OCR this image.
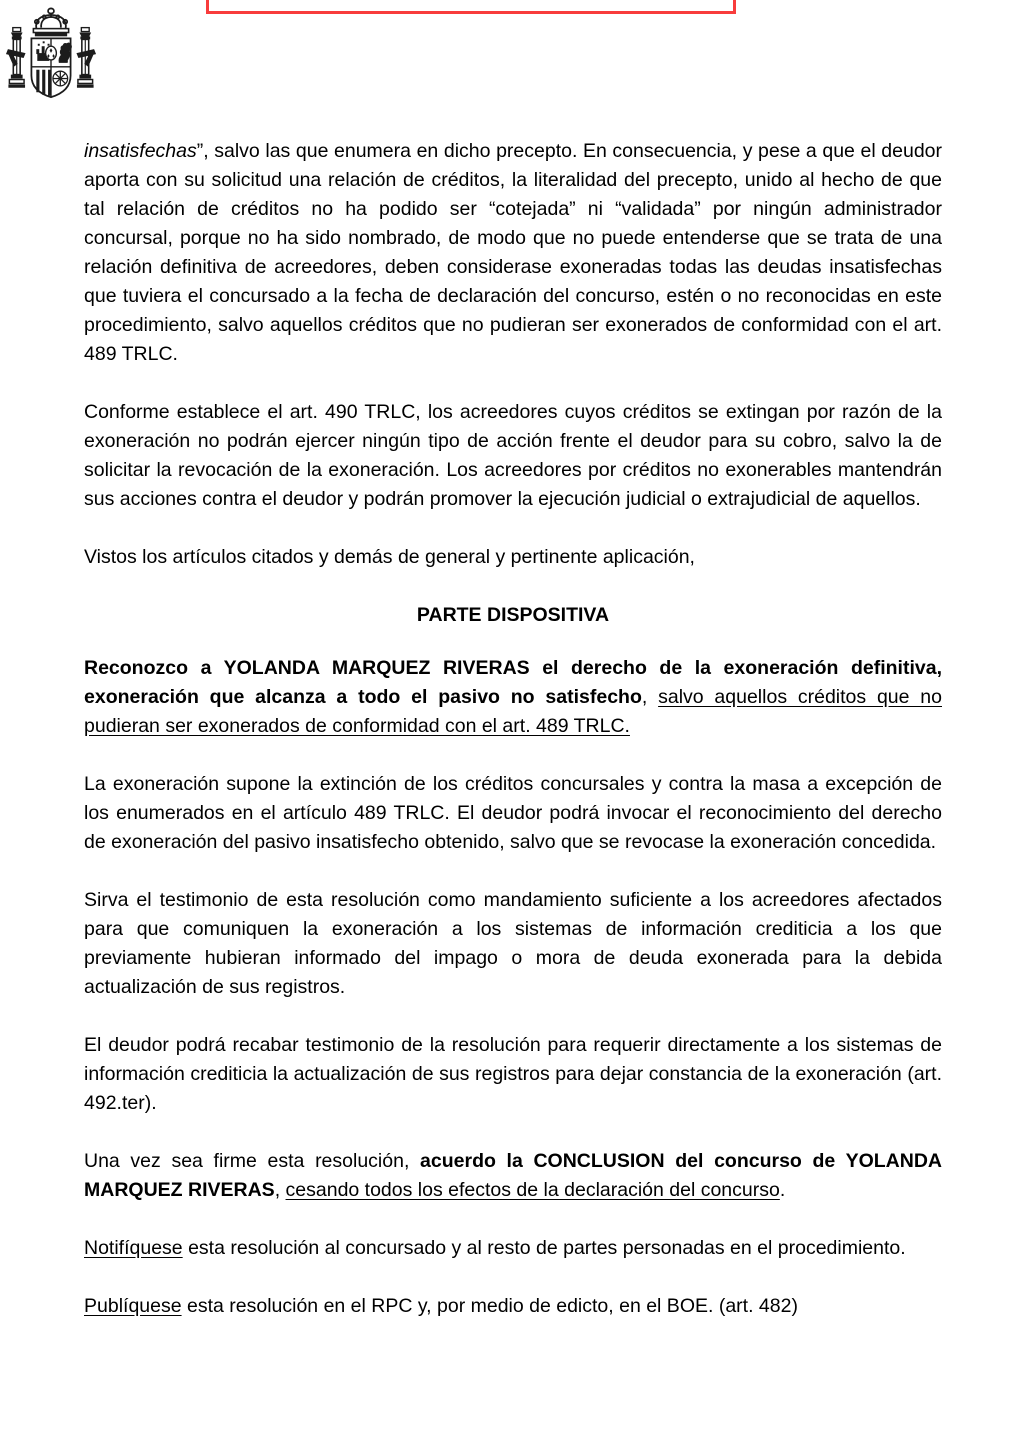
insatisfechas”, salvo las que enumera en dicho precepto. En consecuencia, y pese a que el deudor aporta con su solicitud una relación de créditos, la literalidad del precepto, unido al hecho de que tal relación de créditos no ha podido ser “cotejada” ni “validada” por ningún administrador concursal, porque no ha sido nombrado, de modo que no puede entenderse que se trata de una relación definitiva de acreedores, deben considerase exoneradas todas las deudas insatisfechas que tuviera el concursado a la fecha de declaración del concurso, estén o no reconocidas en este procedimiento, salvo aquellos créditos que no pudieran ser exonerados de conformidad con el art. 489 TRLC.

Conforme establece el art. 490 TRLC, los acreedores cuyos créditos se extingan por razón de la exoneración no podrán ejercer ningún tipo de acción frente el deudor para su cobro, salvo la de solicitar la revocación de la exoneración. Los acreedores por créditos no exonerables mantendrán sus acciones contra el deudor y podrán promover la ejecución judicial o extrajudicial de aquellos.

Vistos los artículos citados y demás de general y pertinente aplicación,

PARTE DISPOSITIVA

Reconozco a YOLANDA MARQUEZ RIVERAS el derecho de la exoneración definitiva, exoneración que alcanza a todo el pasivo no satisfecho, salvo aquellos créditos que no pudieran ser exonerados de conformidad con el art. 489 TRLC.

La exoneración supone la extinción de los créditos concursales y contra la masa a excepción de los enumerados en el artículo 489 TRLC. El deudor podrá invocar el reconocimiento del derecho de exoneración del pasivo insatisfecho obtenido, salvo que se revocase la exoneración concedida.

Sirva el testimonio de esta resolución como mandamiento suficiente a los acreedores afectados para que comuniquen la exoneración a los sistemas de información crediticia a los que previamente hubieran informado del impago o mora de deuda exonerada para la debida actualización de sus registros.

El deudor podrá recabar testimonio de la resolución para requerir directamente a los sistemas de información crediticia la actualización de sus registros para dejar constancia de la exoneración (art. 492.ter).

Una vez sea firme esta resolución, acuerdo la CONCLUSION del concurso de YOLANDA MARQUEZ RIVERAS, cesando todos los efectos de la declaración del concurso.

Notifíquese esta resolución al concursado y al resto de partes personadas en el procedimiento.

Publíquese esta resolución en el RPC y, por medio de edicto, en el BOE. (art. 482)
